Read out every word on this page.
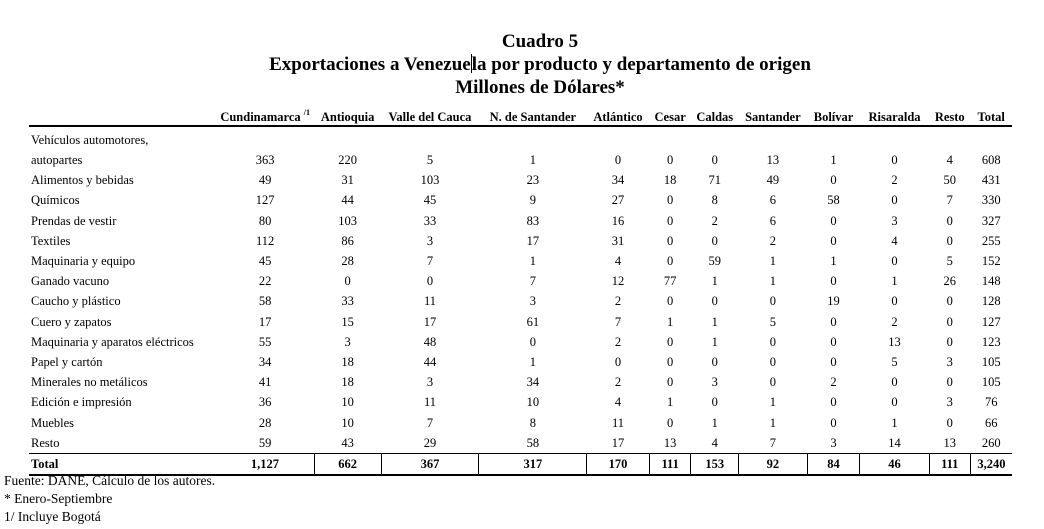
Cuadro 5
Exportaciones a Venezuela por producto y departamento de origen
Millones de Dólares*
	Cundinamarca $^{/1}$	Antioquia	Valle del Cauca	N. de Santander	Atlántico	Cesar	Caldas	Santander	Bolívar	Risaralda	Resto	Total
Vehículos automotores,												
autopartes	363	220	5	1	0	0	0	13	1	0	4	608
Alimentos y bebidas	49	31	103	23	34	18	71	49	0	2	50	431
Químicos	127	44	45	9	27	0	8	6	58	0	7	330
Prendas de vestir	80	103	33	83	16	0	2	6	0	3	0	327
Textiles	112	86	3	17	31	0	0	2	0	4	0	255
Maquinaria y equipo	45	28	7	1	4	0	59	1	1	0	5	152
Ganado vacuno	22	0	0	7	12	77	1	1	0	1	26	148
Caucho y plástico	58	33	11	3	2	0	0	0	19	0	0	128
Cuero y zapatos	17	15	17	61	7	1	1	5	0	2	0	127
Maquinaria y aparatos eléctricos	55	3	48	0	2	0	1	0	0	13	0	123
Papel y cartón	34	18	44	1	0	0	0	0	0	5	3	105
Minerales no metálicos	41	18	3	34	2	0	3	0	2	0	0	105
Edición e impresión	36	10	11	10	4	1	0	1	0	0	3	76
Muebles	28	10	7	8	11	0	1	1	0	1	0	66
Resto	59	43	29	58	17	13	4	7	3	14	13	260
Total	1,127	662	367	317	170	111	153	92	84	46	111	3,240
Fuente: DANE, Cálculo de los autores.
* Enero-Septiembre
1/ Incluye Bogotá
